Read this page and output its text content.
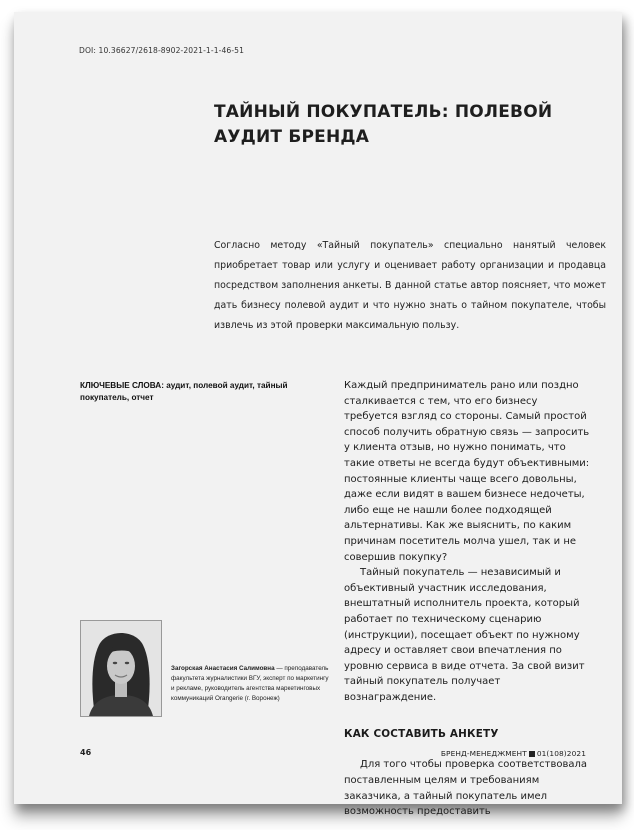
DOI: 10.36627/2618-8902-2021-1-1-46-51
ТАЙНЫЙ ПОКУПАТЕЛЬ: ПОЛЕВОЙ АУДИТ БРЕНДА

Согласно методу «Тайный покупатель» специально нанятый человек приобретает товар или услугу и оценивает работу организации и продавца посредством заполнения анкеты. В данной статье автор поясняет, что может дать бизнесу полевой аудит и что нужно знать о тайном покупателе, чтобы извлечь из этой проверки максимальную пользу.

КЛЮЧЕВЫЕ СЛОВА: аудит, полевой аудит, тайный покупатель, отчет

Каждый предприниматель рано или поздно сталкивается с тем, что его бизнесу требуется взгляд со стороны. Самый простой способ получить обратную связь — запросить у клиента отзыв, но нужно понимать, что такие ответы не всегда будут объективными: постоянные клиенты чаще всего довольны, даже если видят в вашем бизнесе недочеты, либо еще не нашли более подходящей альтернативы. Как же выяснить, по каким причинам посетитель молча ушел, так и не совершив покупку?

Тайный покупатель — независимый и объективный участник исследования, внештатный исполнитель проекта, который работает по техническому сценарию (инструкции), посещает объект по нужному адресу и оставляет свои впечатления по уровню сервиса в виде отчета. За свой визит тайный покупатель получает вознаграждение.

КАК СОСТАВИТЬ АНКЕТУ

Для того чтобы проверка соответствовала поставленным целям и требованиям заказчика, а тайный покупатель имел возможность предоставить

Загорская Анастасия Салимовна — преподаватель факультета журналистики ВГУ, эксперт по маркетингу и рекламе, руководитель агентства маркетинговых коммуникаций Orangerie (г. Воронеж)

46	БРЕНД-МЕНЕДЖМЕНТ 01(108)2021
